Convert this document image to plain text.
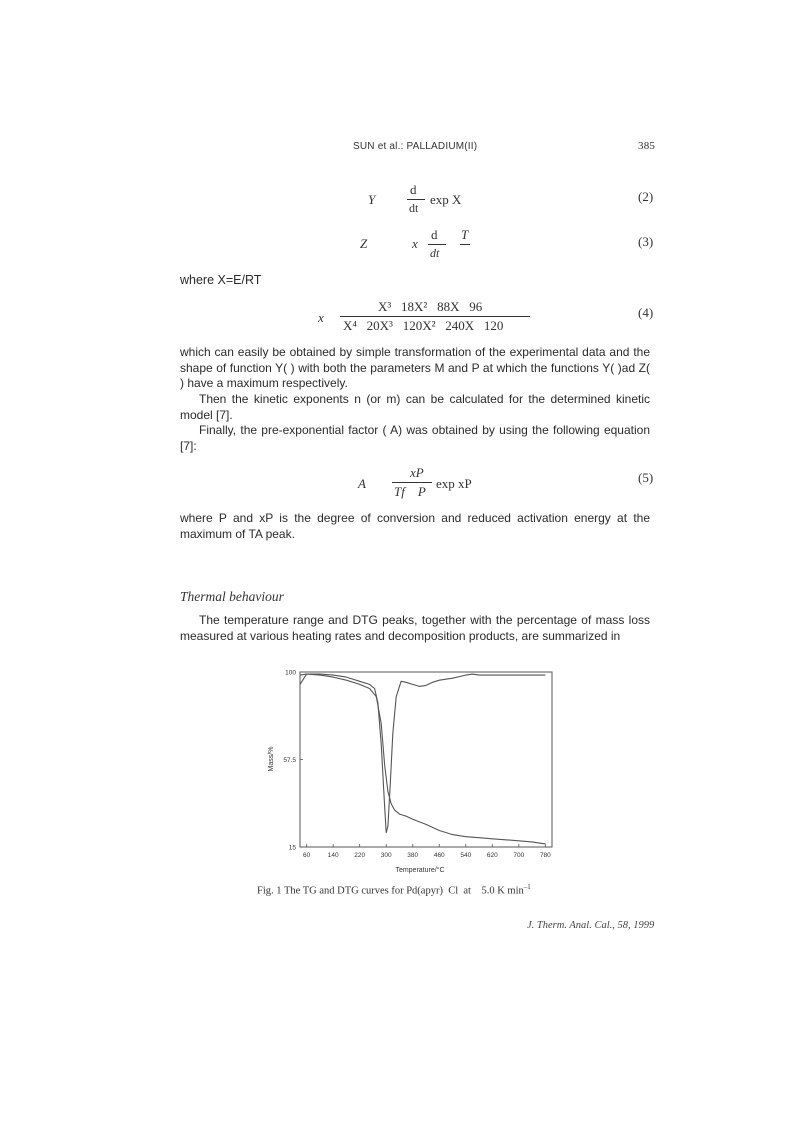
SUN et al.: PALLADIUM(II)	385
Y
d
dt
exp X	(2)
Z	x
d
dt
T	(3)
where X=E/RT
x
X³   18X²   88X   96
X⁴   20X³   120X²   240X   120
(4)
which can easily be obtained by simple transformation of the experimental data and the shape of function Y( ) with both the parameters M and P at which the functions Y( )ad Z( ) have a maximum respectively.
Then the kinetic exponents n (or m) can be calculated for the determined kinetic model [7].
Finally, the pre-exponential factor ( A) was obtained by using the following equation [7]:
A
xP
Tf    P
exp xP	(5)
where P and xP is the degree of conversion and reduced activation energy at the maximum of TA peak.
Thermal behaviour
The temperature range and DTG peaks, together with the percentage of mass loss measured at various heating rates and decomposition products, are summarized in
100
57.5
15
60	140 220 300 380 460 540 620 700 780
Temperature/°C
Mass/%
Fig. 1 The TG and DTG curves for Pd(apyr)  Cl  at    5.0 K $\min^{-1}$
J. Therm. Anal. Cal., 58, 1999
